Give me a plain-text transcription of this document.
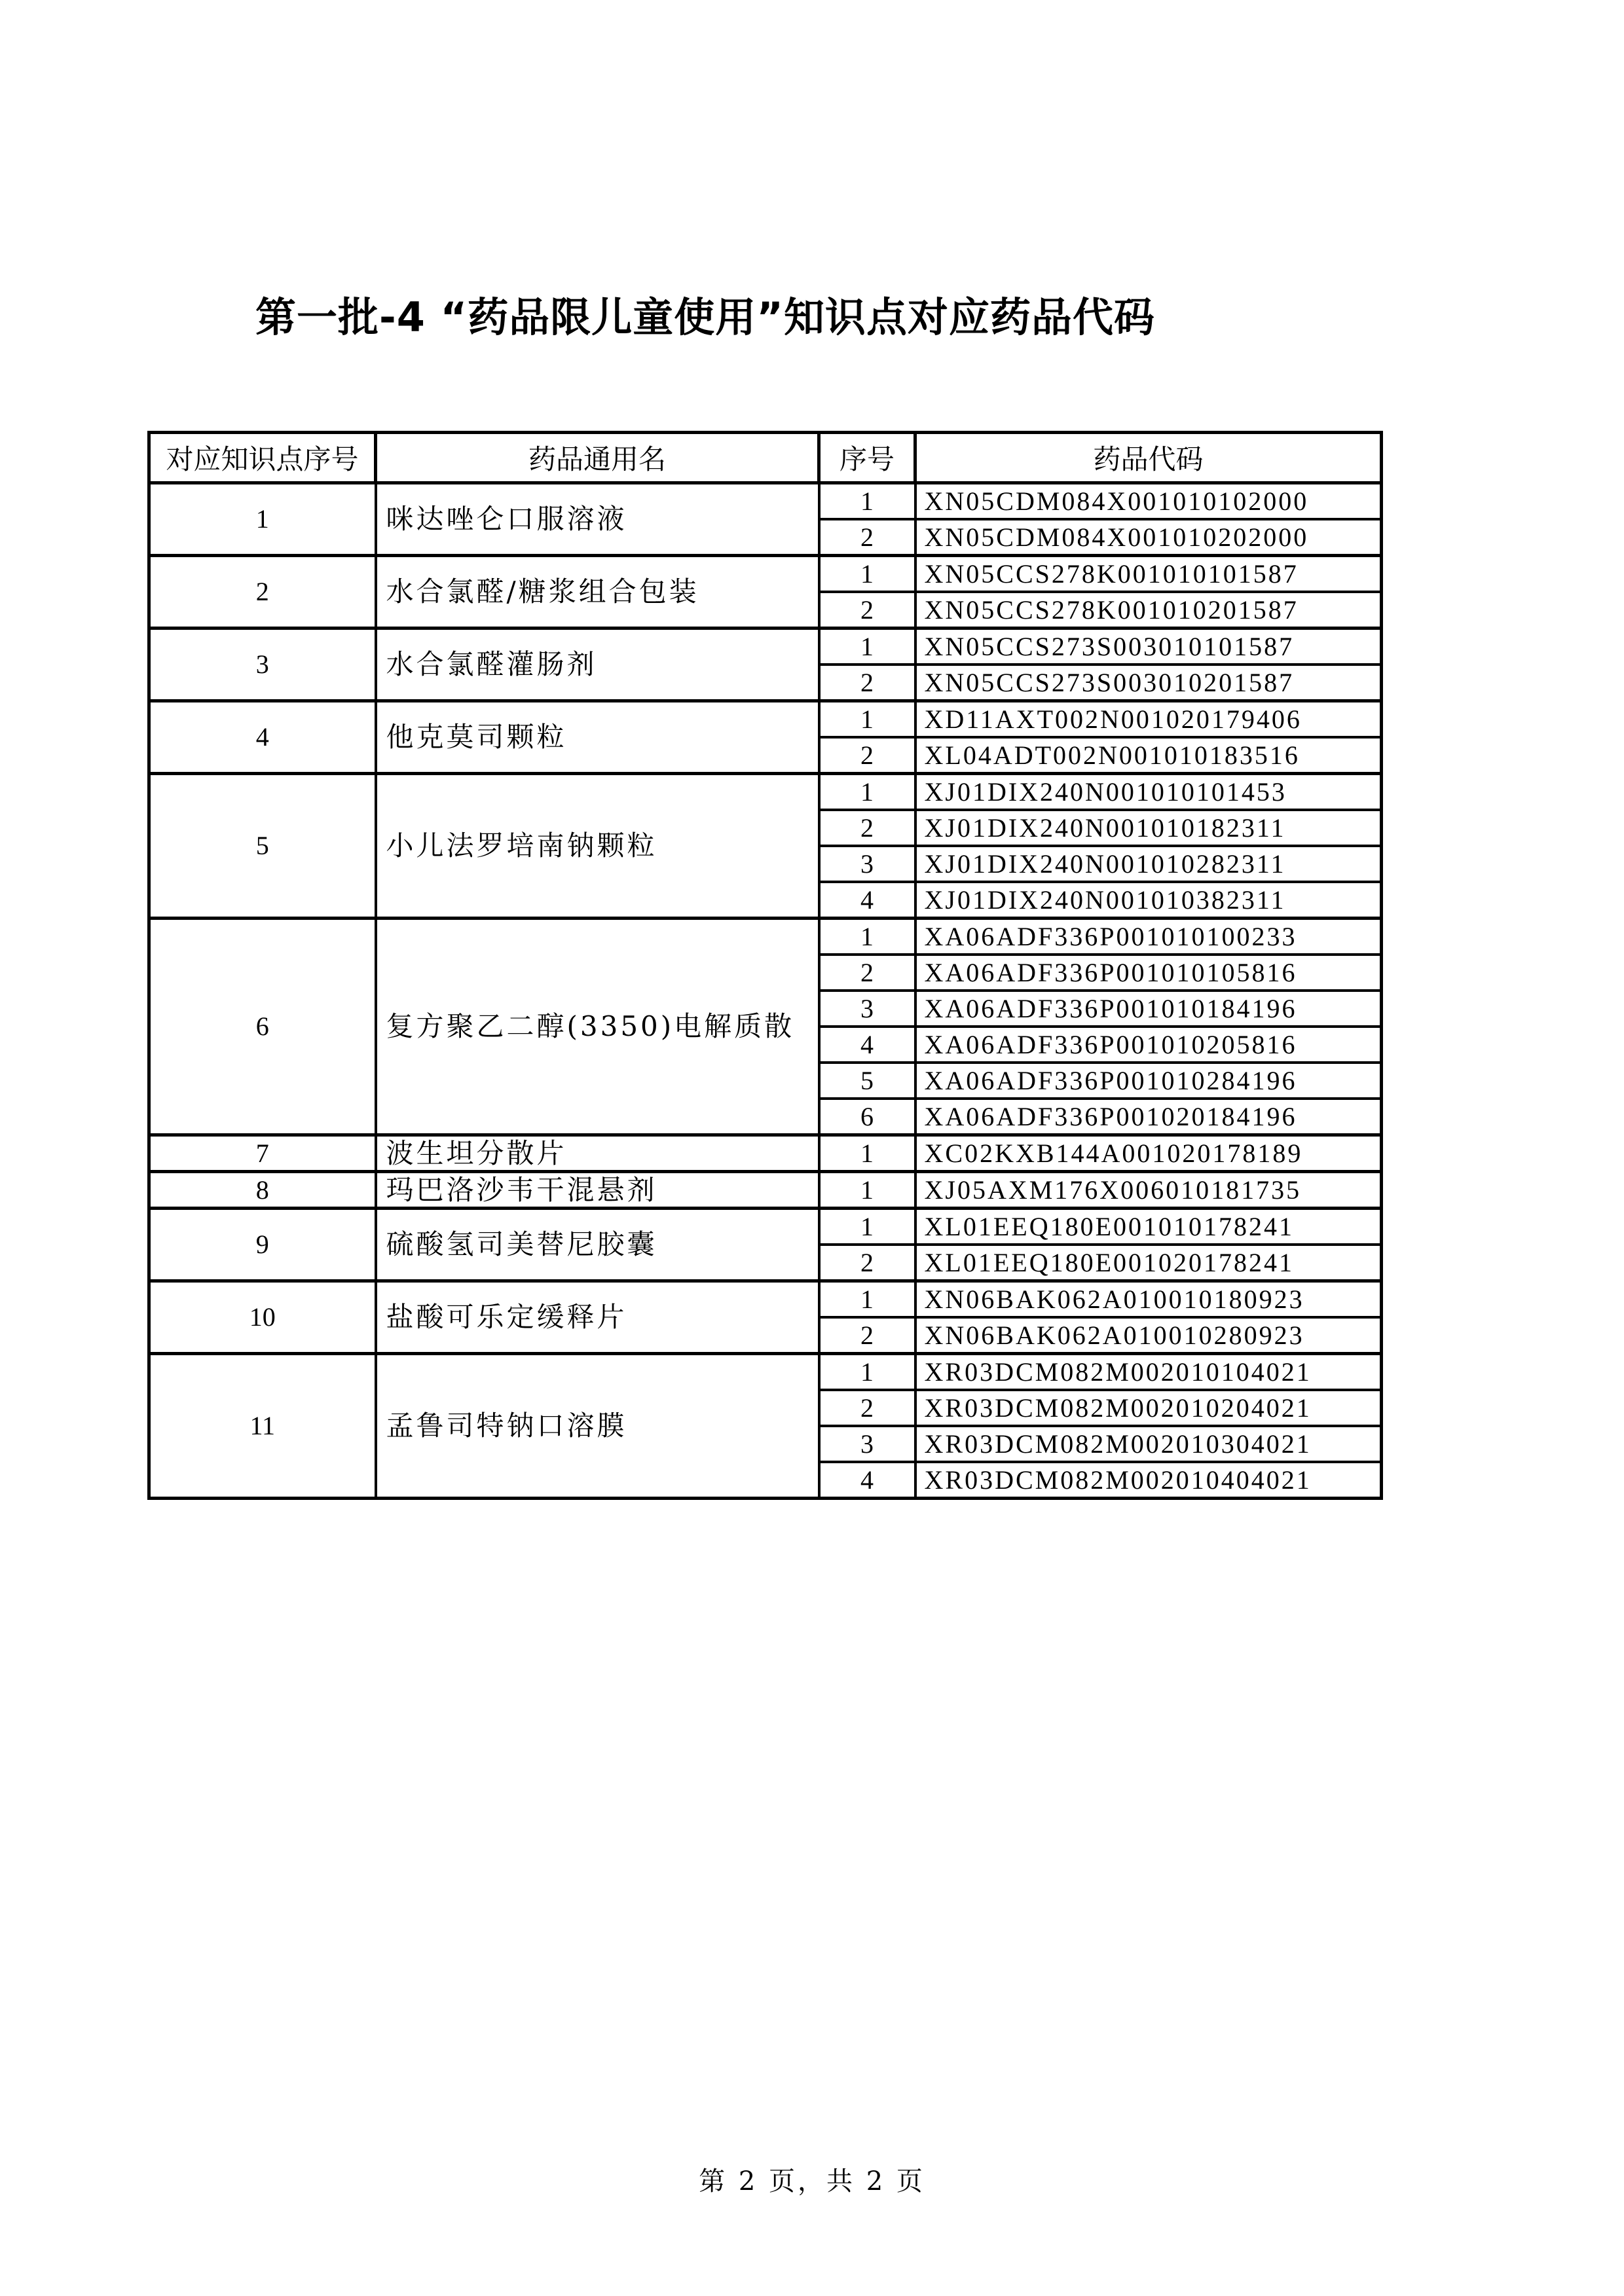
第一批-4 “药品限儿童使用”知识点对应药品代码
对应知识点序号	药品通用名	序号	药品代码
1	咪达唑仑口服溶液	1	XN05CDM084X001010102000
		2	XN05CDM084X001010202000
2	水合氯醛/糖浆组合包装	1	XN05CCS278K001010101587
		2	XN05CCS278K001010201587
3	水合氯醛灌肠剂	1	XN05CCS273S003010101587
		2	XN05CCS273S003010201587
4	他克莫司颗粒	1	XD11AXT002N001020179406
		2	XL04ADT002N001010183516
5	小儿法罗培南钠颗粒	1	XJ01DIX240N001010101453
		2	XJ01DIX240N001010182311
		3	XJ01DIX240N001010282311
		4	XJ01DIX240N001010382311
6	复方聚乙二醇(3350)电解质散	1	XA06ADF336P001010100233
		2	XA06ADF336P001010105816
		3	XA06ADF336P001010184196
		4	XA06ADF336P001010205816
		5	XA06ADF336P001010284196
		6	XA06ADF336P001020184196
7	波生坦分散片	1	XC02KXB144A001020178189
8	玛巴洛沙韦干混悬剂	1	XJ05AXM176X006010181735
9	硫酸氢司美替尼胶囊	1	XL01EEQ180E001010178241
		2	XL01EEQ180E001020178241
10	盐酸可乐定缓释片	1	XN06BAK062A010010180923
		2	XN06BAK062A010010280923
11	孟鲁司特钠口溶膜	1	XR03DCM082M002010104021
		2	XR03DCM082M002010204021
		3	XR03DCM082M002010304021
		4	XR03DCM082M002010404021
第 2 页，共 2 页
